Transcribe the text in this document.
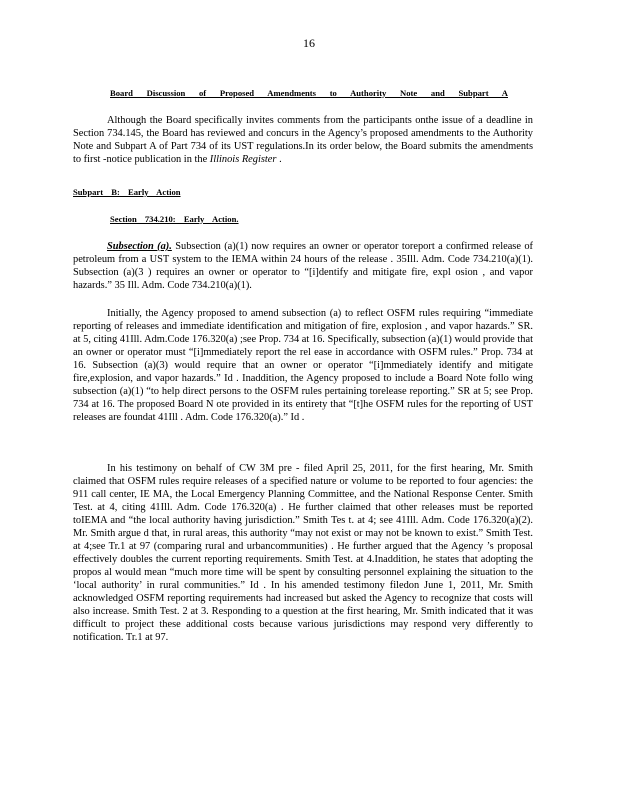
16
Board Discussion of Proposed Amendments to Authority Note and Subpart A
Although the Board specifically invites comments from the participants onthe issue of a deadline in Section 734.145, the Board has reviewed and concurs in the Agency’s proposed amendments to the Authority Note and Subpart A of Part 734 of its UST regulations.In its order below, the Board submits the amendments to first -notice publication in the Illinois Register .
Subpart B: Early Action
Section 734.210: Early Action.
Subsection (a). Subsection (a)(1) now requires an owner or operator toreport a confirmed release of petroleum from a UST system to the IEMA within 24 hours of the release . 35Ill. Adm. Code 734.210(a)(1). Subsection (a)(3 ) requires an owner or operator to “[i]dentify and mitigate fire, expl osion , and vapor hazards.” 35 Ill. Adm. Code 734.210(a)(1).
Initially, the Agency proposed to amend subsection (a) to reflect OSFM rules requiring “immediate reporting of releases and immediate identification and mitigation of fire, explosion , and vapor hazards.” SR. at 5, citing 41Ill. Adm.Code 176.320(a) ;see Prop. 734 at 16. Specifically, subsection (a)(1) would provide that an owner or operator must “[i]mmediately report the rel ease in accordance with OSFM rules.” Prop. 734 at 16. Subsection (a)(3) would require that an owner or operator “[i]mmediately identify and mitigate fire,explosion, and vapor hazards.” Id . Inaddition, the Agency proposed to include a Board Note follo wing subsection (a)(1) “to help direct persons to the OSFM rules pertaining torelease reporting.” SR at 5; see Prop. 734 at 16. The proposed Board N ote provided in its entirety that “[t]he OSFM rules for the reporting of UST releases are foundat 41Ill . Adm. Code 176.320(a).” Id .
In his testimony on behalf of CW 3M pre - filed April 25, 2011, for the first hearing, Mr. Smith claimed that OSFM rules require releases of a specified nature or volume to be reported to four agencies: the 911 call center, IE MA, the Local Emergency Planning Committee, and the National Response Center. Smith Test. at 4, citing 41Ill. Adm. Code 176.320(a) . He further claimed that other releases must be reported toIEMA and “the local authority having jurisdiction.” Smith Tes t. at 4; see 41Ill. Adm. Code 176.320(a)(2). Mr. Smith argue d that, in rural areas, this authority “may not exist or may not be known to exist.” Smith Test. at 4;see Tr.1 at 97 (comparing rural and urbancommunities) . He further argued that the Agency ’s proposal effectively doubles the current reporting requirements. Smith Test. at 4.Inaddition, he states that adopting the propos al would mean “much more time will be spent by consulting personnel explaining the situation to the ‘local authority’ in rural communities.” Id . In his amended testimony filedon June 1, 2011, Mr. Smith acknowledged OSFM reporting requirements had increased but asked the Agency to recognize that costs will also increase. Smith Test. 2 at 3. Responding to a question at the first hearing, Mr. Smith indicated that it was difficult to project these additional costs because various jurisdictions may respond very differently to notification. Tr.1 at 97.
